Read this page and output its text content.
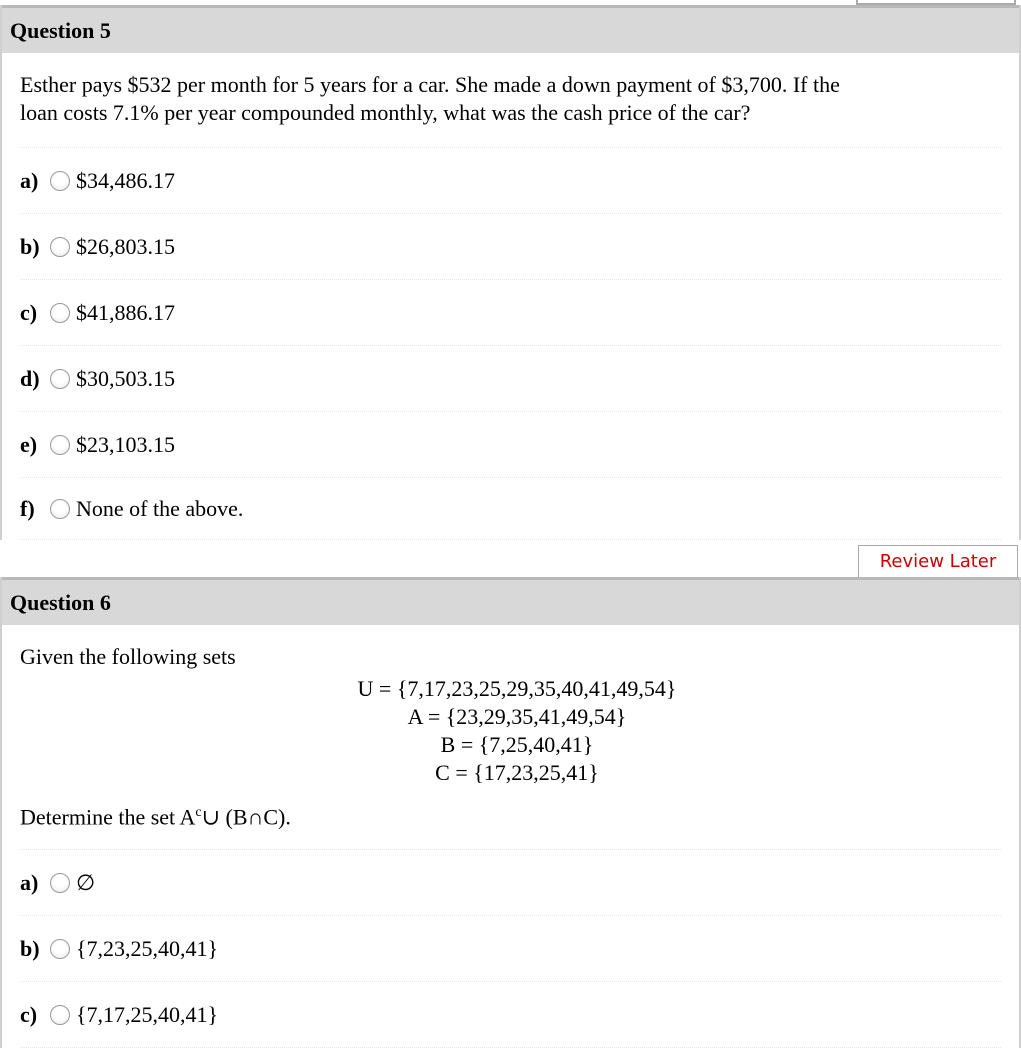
Question 5
Esther pays $532 per month for 5 years for a car. She made a down payment of $3,700. If the
loan costs 7.1% per year compounded monthly, what was the cash price of the car?
a)	$34,486.17
b)	$26,803.15
c)	$41,886.17
d)	$30,503.15
e)	$23,103.15
f)	None of the above.
Review Later
Question 6
Given the following sets
U = {7,17,23,25,29,35,40,41,49,54}
A = {23,29,35,41,49,54}
B = {7,25,40,41}
C = {17,23,25,41}
Determine the set $A^c\cup$ (B∩C).
a)	∅
b)	{7,23,25,40,41}
c)	{7,17,25,40,41}
